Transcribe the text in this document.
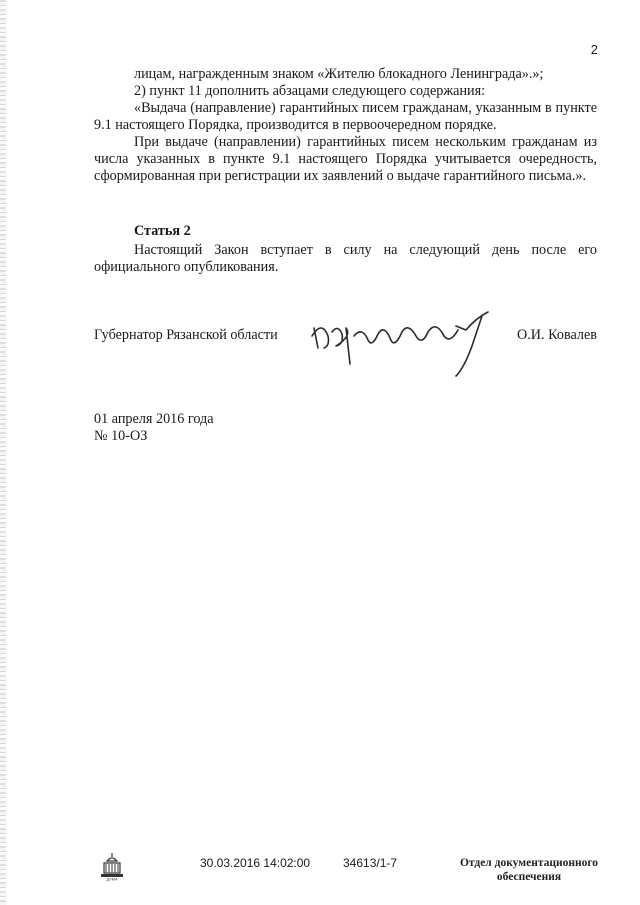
2

лицам, награжденным знаком «Жителю блокадного Ленинграда».»;

2) пункт 11 дополнить абзацами следующего содержания:

«Выдача (направление) гарантийных писем гражданам, указанным в пункте 9.1 настоящего Порядка, производится в первоочередном порядке.

При выдаче (направлении) гарантийных писем нескольким гражданам из числа указанных в пункте 9.1 настоящего Порядка учитывается очередность, сформированная при регистрации их заявлений о выдаче гарантийного письма.».

Статья 2

Настоящий Закон вступает в силу на следующий день после его официального опубликования.

Губернатор Рязанской области	О.И. Ковалев
01 апреля 2016 года
№ 10-ОЗ
ДУМА
30.03.2016 14:02:00	34613/1-7	Отдел документационного обеспечения
